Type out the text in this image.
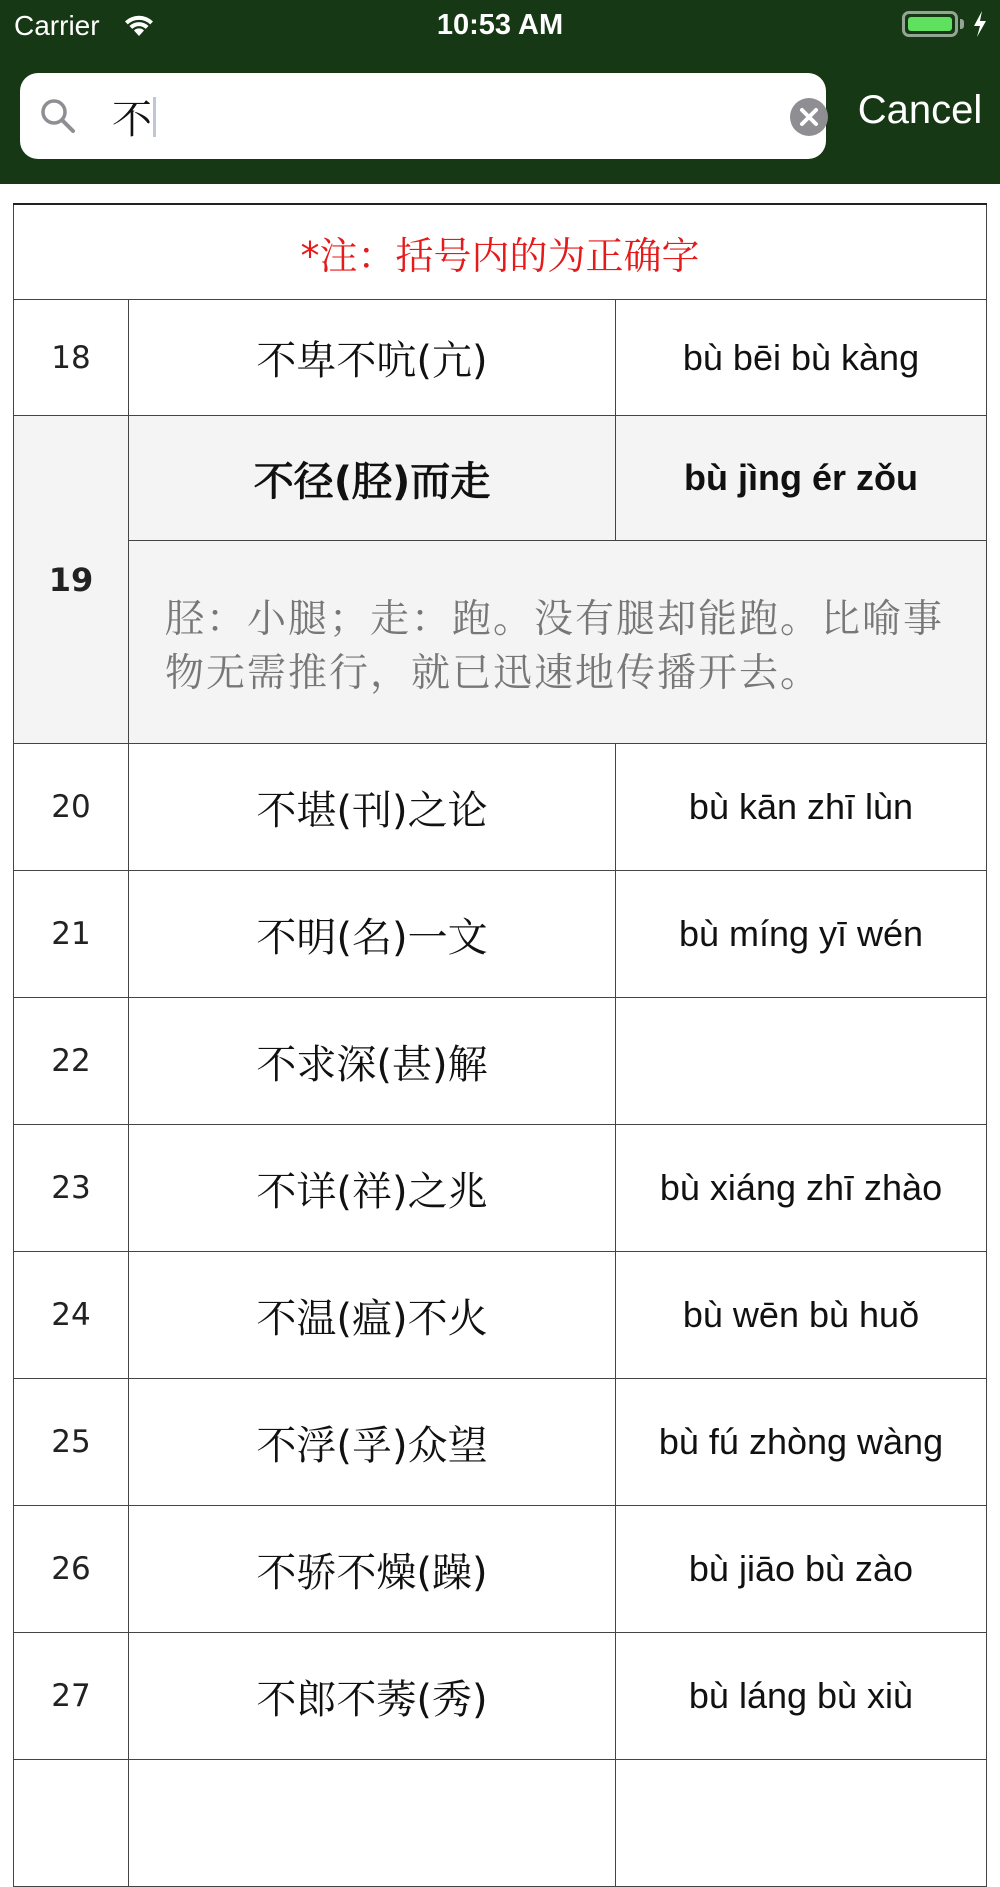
Carrier	10:53 AM
不
Cancel
*注：括号内的为正确字
18	不卑不吭(亢)	bù bēi bù kàng
19
不径(胫)而走	bù jìng ér zǒu
胫：小腿；走：跑。没有腿却能跑。比喻事物无需推行，就已迅速地传播开去。
20	不堪(刊)之论	bù kān zhī lùn
21	不明(名)一文	bù míng yī wén
22	不求深(甚)解
23	不详(祥)之兆	bù xiáng zhī zhào
24	不温(瘟)不火	bù wēn bù huǒ
25	不浮(孚)众望	bù fú zhòng wàng
26	不骄不燥(躁)	bù jiāo bù zào
27	不郎不莠(秀)	bù láng bù xiù
